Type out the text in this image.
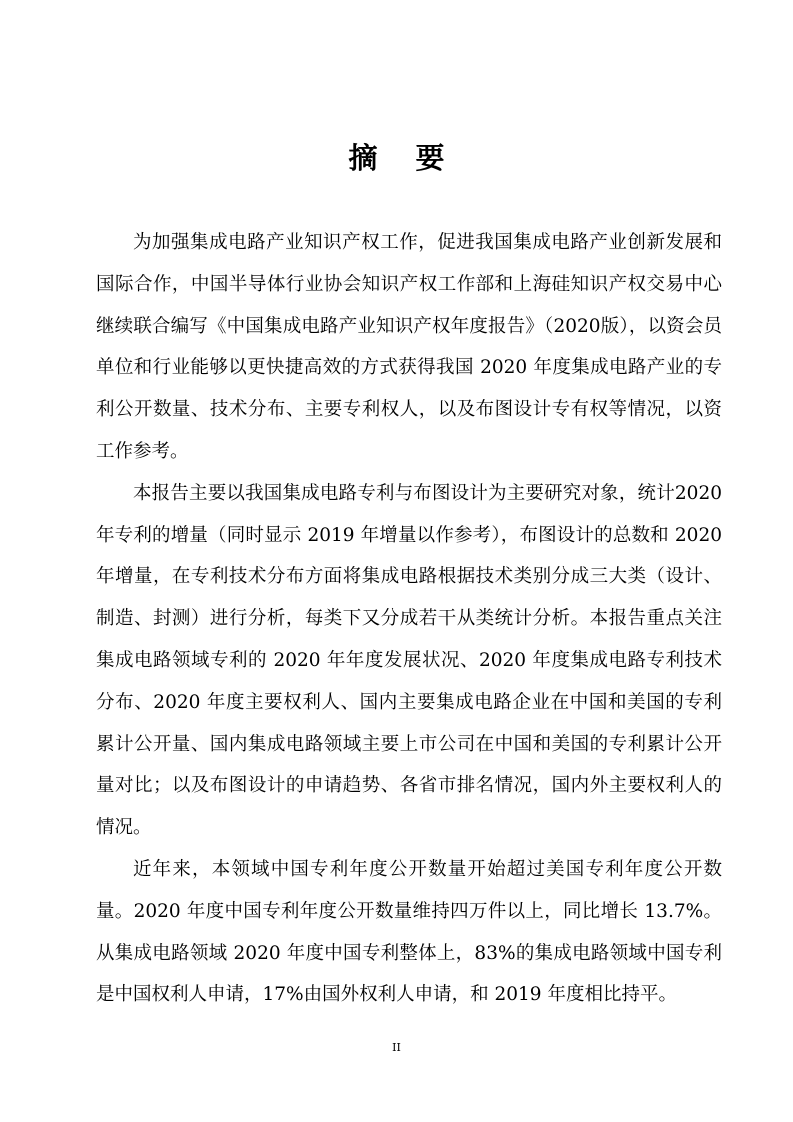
摘 要

为加强集成电路产业知识产权工作，促进我国集成电路产业创新发展和国际合作，中国半导体行业协会知识产权工作部和上海硅知识产权交易中心继续联合编写《中国集成电路产业知识产权年度报告》（2020版），以资会员单位和行业能够以更快捷高效的方式获得我国 2020 年度集成电路产业的专利公开数量、技术分布、主要专利权人，以及布图设计专有权等情况，以资工作参考。

本报告主要以我国集成电路专利与布图设计为主要研究对象，统计2020 年专利的增量（同时显示 2019 年增量以作参考），布图设计的总数和 2020 年增量，在专利技术分布方面将集成电路根据技术类别分成三大类（设计、制造、封测）进行分析，每类下又分成若干从类统计分析。本报告重点关注集成电路领域专利的 2020 年年度发展状况、2020 年度集成电路专利技术分布、2020 年度主要权利人、国内主要集成电路企业在中国和美国的专利累计公开量、国内集成电路领域主要上市公司在中国和美国的专利累计公开量对比；以及布图设计的申请趋势、各省市排名情况，国内外主要权利人的情况。

近年来，本领域中国专利年度公开数量开始超过美国专利年度公开数量。2020 年度中国专利年度公开数量维持四万件以上，同比增长 13.7%。从集成电路领域 2020 年度中国专利整体上，83%的集成电路领域中国专利是中国权利人申请，17%由国外权利人申请，和 2019 年度相比持平。

II
